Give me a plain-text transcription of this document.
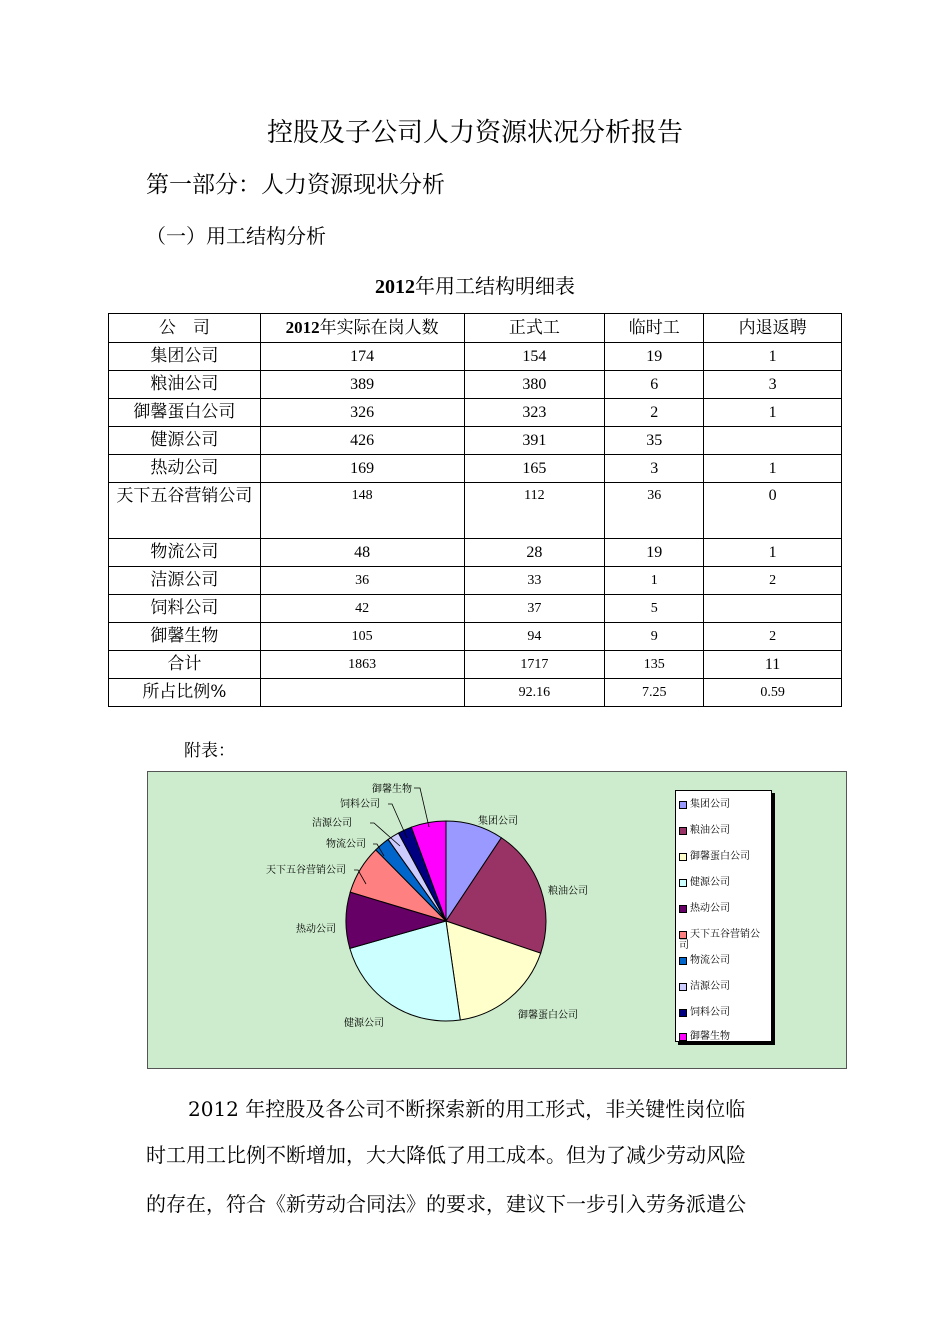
控股及子公司人力资源状况分析报告
第一部分：人力资源现状分析
（一）用工结构分析
2012年用工结构明细表
公　司	2012年实际在岗人数	正式工	临时工	内退返聘
集团公司	174	154	19	1
粮油公司	389	380	6	3
御馨蛋白公司	326	323	2	1
健源公司	426	391	35	
热动公司	169	165	3	1
天下五谷营销公司	148	112	36	0
物流公司	48	28	19	1
洁源公司	36	33	1	2
饲料公司	42	37	5	
御馨生物	105	94	9	2
合计	1863	1717	135	11
所占比例%		92.16	7.25	0.59
附表：
集团公司
粮油公司
御馨蛋白公司
健源公司
热动公司
天下五谷营销公司
物流公司
洁源公司
饲料公司
御馨生物
集团公司
粮油公司
御馨蛋白公司
健源公司
热动公司
天下五谷营销公司
物流公司
洁源公司
饲料公司
御馨生物
2012 年控股及各公司不断探索新的用工形式，非关键性岗位临
时工用工比例不断增加，大大降低了用工成本。但为了减少劳动风险
的存在，符合《新劳动合同法》的要求，建议下一步引入劳务派遣公
